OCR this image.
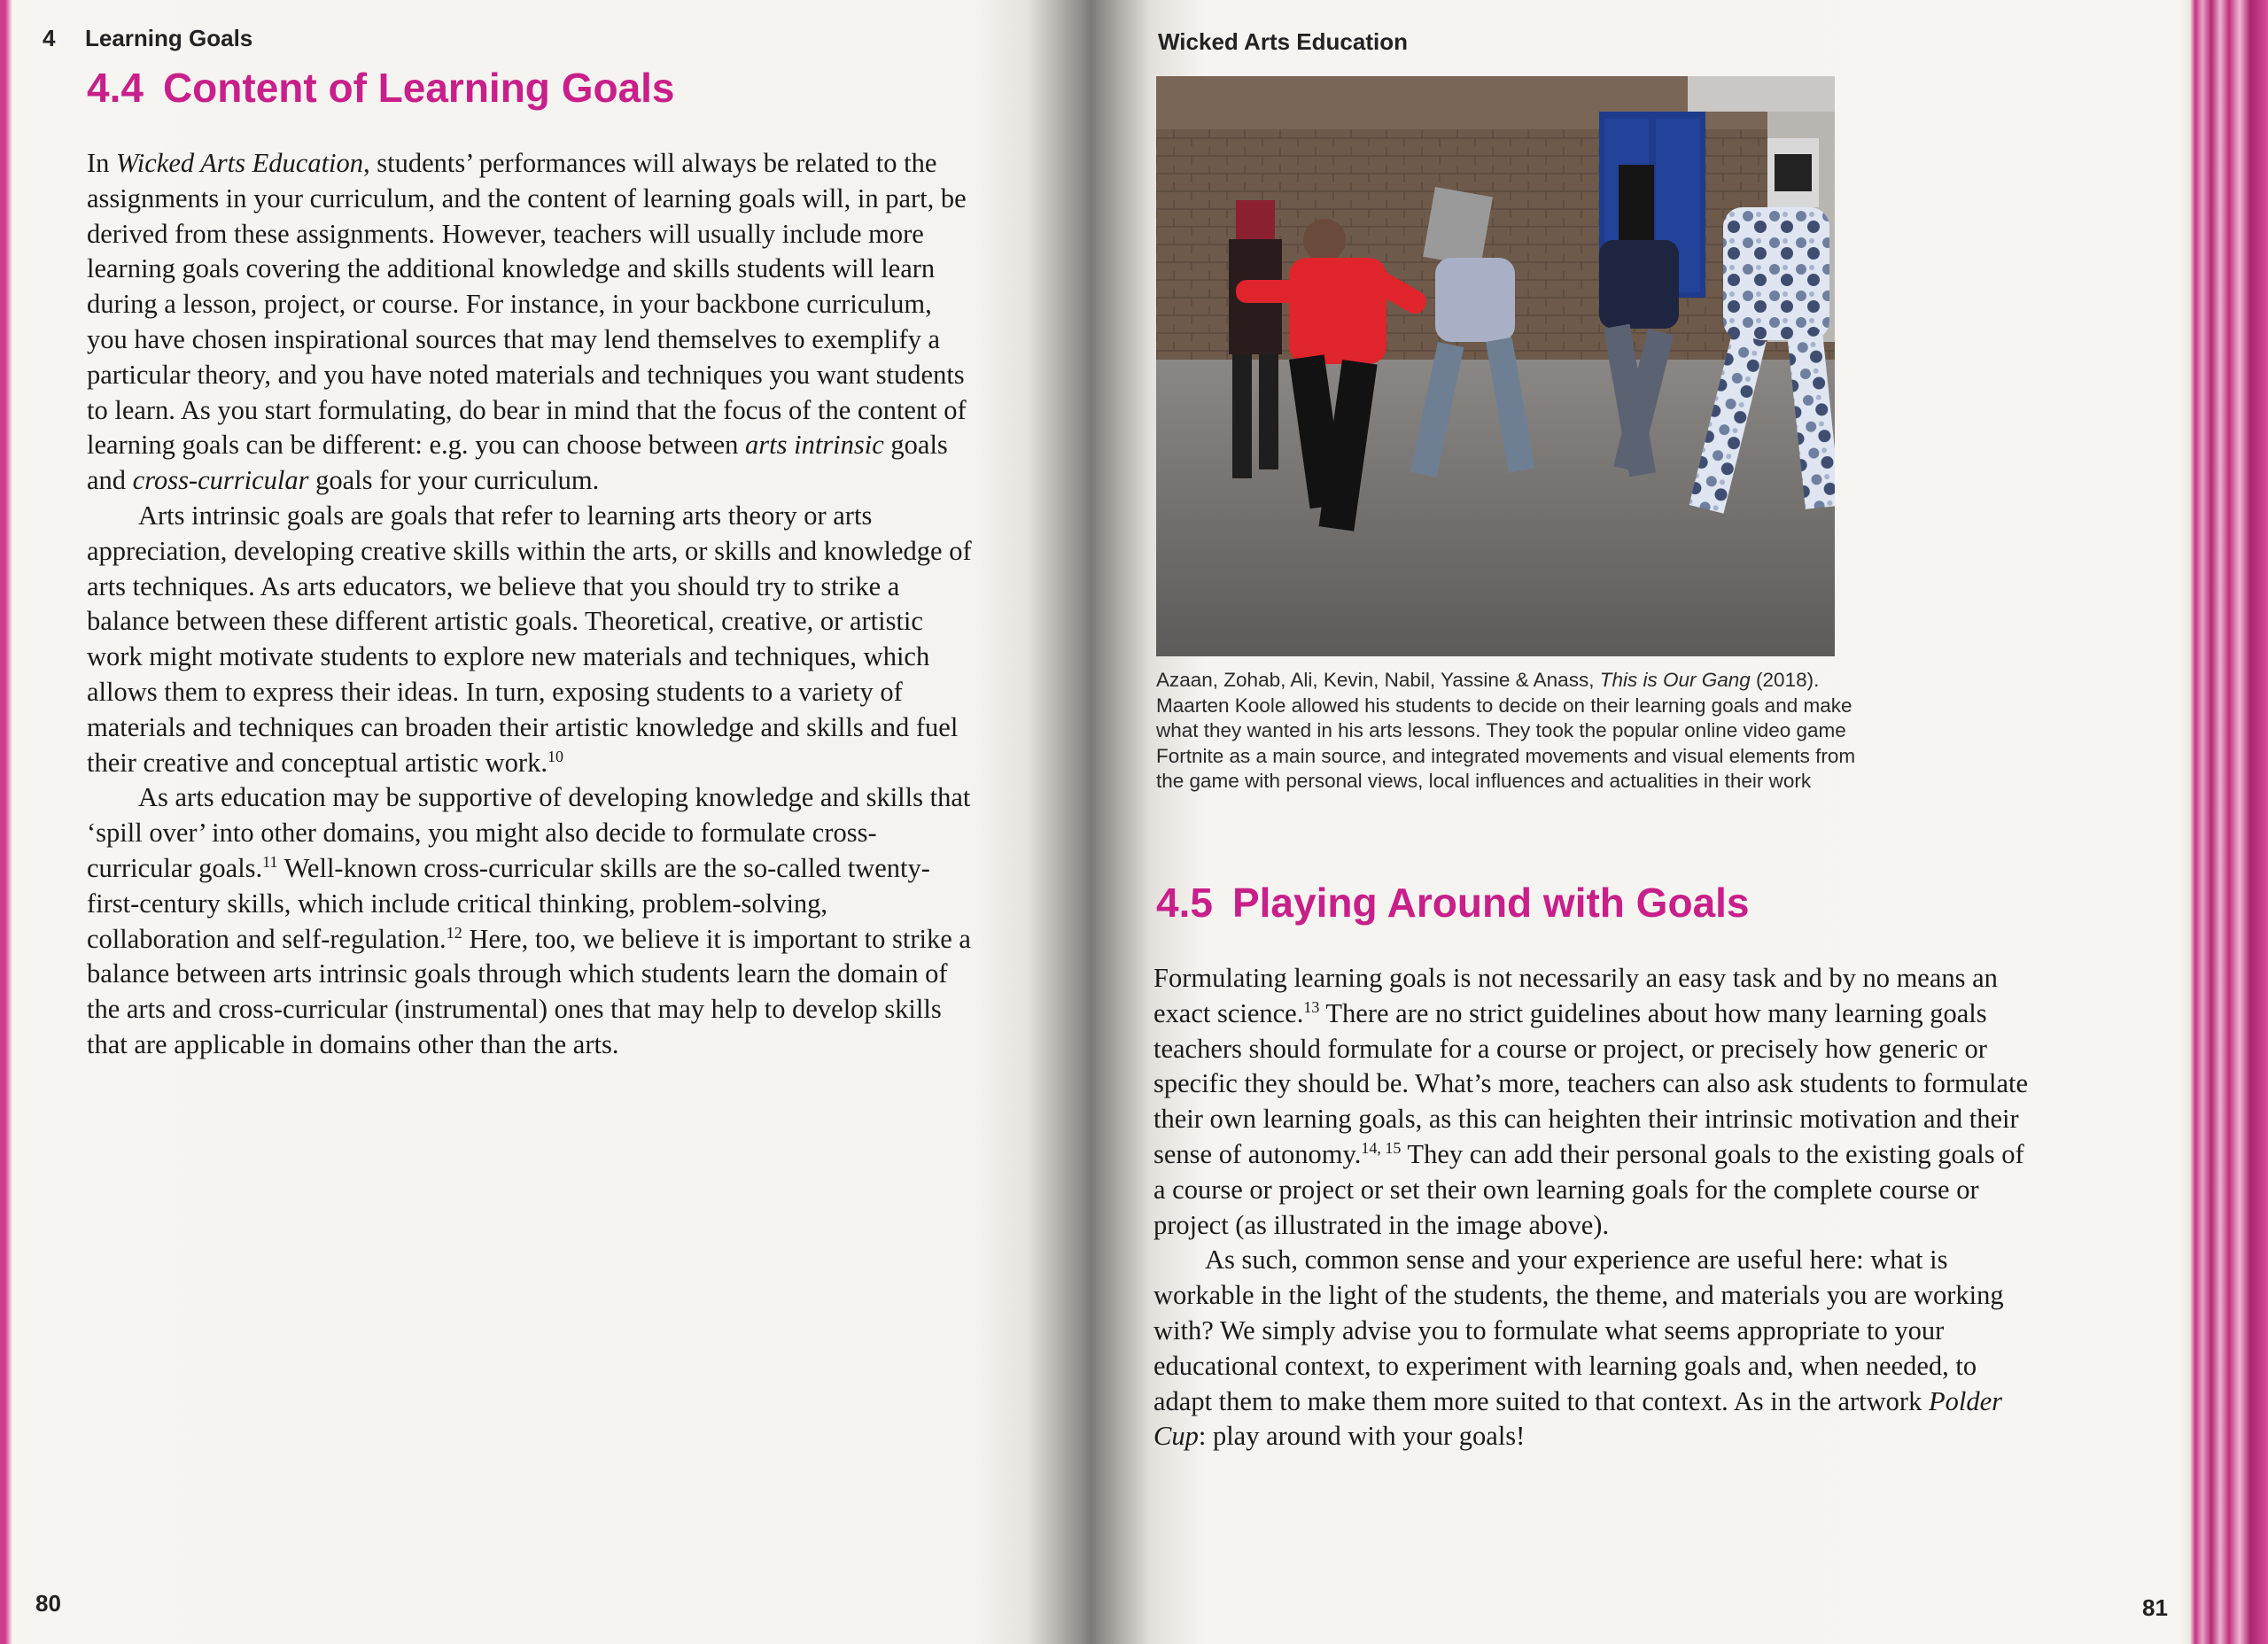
4 Learning Goals
4.4 Content of Learning Goals

In Wicked Arts Education, students’ performances will always be related to the assignments in your curriculum, and the content of learning goals will, in part, be derived from these assignments. However, teachers will usually include more learning goals covering the additional knowledge and skills students will learn during a lesson, project, or course. For instance, in your backbone curriculum, you have chosen inspirational sources that may lend themselves to exemplify a particular theory, and you have noted materials and techniques you want students to learn. As you start formulating, do bear in mind that the focus of the content of learning goals can be different: e.g. you can choose between arts intrinsic goals and cross-curricular goals for your curriculum.

Arts intrinsic goals are goals that refer to learning arts theory or arts appreciation, developing creative skills within the arts, or skills and knowledge of arts techniques. As arts educators, we believe that you should try to strike a balance between these different artistic goals. Theoretical, creative, or artistic work might motivate students to explore new materials and techniques, which allows them to express their ideas. In turn, exposing students to a variety of materials and techniques can broaden their artistic knowledge and skills and fuel their creative and conceptual artistic work.$^{10}$

As arts education may be supportive of developing knowledge and skills that ‘spill over’ into other domains, you might also decide to formulate cross-curricular goals.$^{11}$ Well-known cross-curricular skills are the so-called twenty-first-century skills, which include critical thinking, problem-solving, collaboration and self-regulation.$^{12}$ Here, too, we believe it is important to strike a balance between arts intrinsic goals through which students learn the domain of the arts and cross-curricular (instrumental) ones that may help to develop skills that are applicable in domains other than the arts.

80
Wicked Arts Education
Azaan, Zohab, Ali, Kevin, Nabil, Yassine & Anass, This is Our Gang (2018). Maarten Koole allowed his students to decide on their learning goals and make what they wanted in his arts lessons. They took the popular online video game Fortnite as a main source, and integrated movements and visual elements from the game with personal views, local influences and actualities in their work
4.5 Playing Around with Goals

Formulating learning goals is not necessarily an easy task and by no means an exact science.$^{13}$ There are no strict guidelines about how many learning goals teachers should formulate for a course or project, or precisely how generic or specific they should be. What’s more, teachers can also ask students to formulate their own learning goals, as this can heighten their intrinsic motivation and their sense of autonomy.$^{14, 15}$ They can add their personal goals to the existing goals of a course or project or set their own learning goals for the complete course or project (as illustrated in the image above).

As such, common sense and your experience are useful here: what is workable in the light of the students, the theme, and materials you are working with? We simply advise you to formulate what seems appropriate to your educational context, to experiment with learning goals and, when needed, to adapt them to make them more suited to that context. As in the artwork Polder Cup: play around with your goals!

81
